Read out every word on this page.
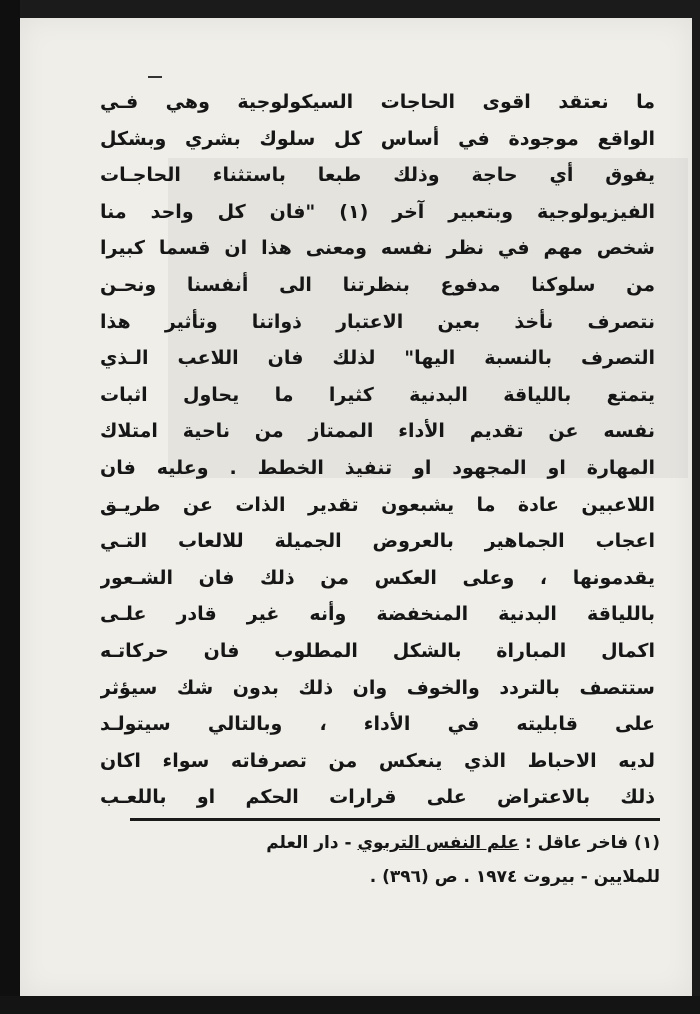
ما نعتقد اقوى الحاجات السيكولوجية وهي فـي
الواقع موجودة في أساس كل سلوك بشري وبشكل
يفوق أي حاجة وذلك طبعا باستثناء الحاجـات
الفيزيولوجية وبتعبير آخر (١) "فان كل واحد منا
شخص مهم في نظر نفسه ومعنى هذا ان قسما كبيرا
من سلوكنا مدفوع بنظرتنا الى أنفسنا ونحـن
نتصرف نأخذ بعين الاعتبار ذواتنا وتأثير هذا
التصرف بالنسبة اليها" لذلك فان اللاعب الـذي
يتمتع باللياقة البدنية كثيرا ما يحاول اثبات
نفسه عن تقديم الأداء الممتاز من ناحية امتلاك
المهارة او المجهود او تنفيذ الخطط . وعليه فان
اللاعبين عادة ما يشبعون تقدير الذات عن طريـق
اعجاب الجماهير بالعروض الجميلة للالعاب التـي
يقدمونها ، وعلى العكس من ذلك فان الشـعور
باللياقة البدنية المنخفضة وأنه غير قادر علـى
اكمال المباراة بالشكل المطلوب فان حركاتـه
ستتصف بالتردد والخوف وان ذلك بدون شك سيؤثر
على قابليته في الأداء ، وبالتالي سيتولـد
لديه الاحباط الذي ينعكس من تصرفاته سواء اكان
ذلك بالاعتراض على قرارات الحكم او باللعـب
(١) فاخر عاقل : علم النفس التربوي - دار العلم
للملايين - بيروت ١٩٧٤ . ص (٣٩٦) .
